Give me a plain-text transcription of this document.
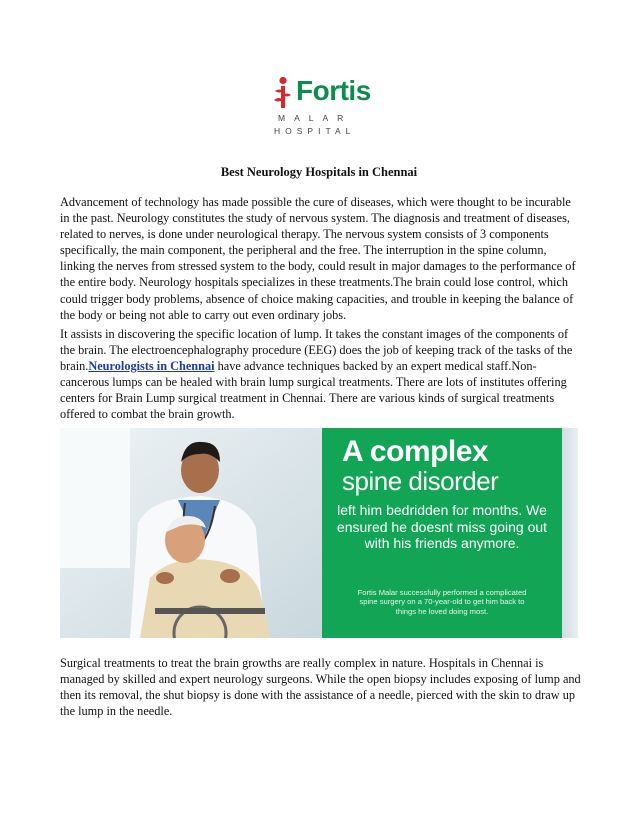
Fortis
MALAR
HOSPITAL
Best Neurology Hospitals in Chennai
Advancement of technology has made possible the cure of diseases, which were thought to be incurable in the past. Neurology constitutes the study of nervous system. The diagnosis and treatment of diseases, related to nerves, is done under neurological therapy. The nervous system consists of 3 components specifically, the main component, the peripheral and the free. The interruption in the spine column, linking the nerves from stressed system to the body, could result in major damages to the performance of the entire body. Neurology hospitals specializes in these treatments.The brain could lose control, which could trigger body problems, absence of choice making capacities, and trouble in keeping the balance of the body or being not able to carry out even ordinary jobs.
It assists in discovering the specific location of lump. It takes the constant images of the components of the brain. The electroencephalography procedure (EEG) does the job of keeping track of the tasks of the brain.Neurologists in Chennai have advance techniques backed by an expert medical staff.Non-cancerous lumps can be healed with brain lump surgical treatments. There are lots of institutes offering centers for Brain Lump surgical treatment in Chennai. There are various kinds of surgical treatments offered to combat the brain growth.
A complex
spine disorder
left him bedridden for months. We ensured he doesnt miss going out with his friends anymore.
Fortis Malar successfully performed a complicated spine surgery on a 70-year-old to get him back to things he loved doing most.
Surgical treatments to treat the brain growths are really complex in nature. Hospitals in Chennai is managed by skilled and expert neurology surgeons. While the open biopsy includes exposing of lump and then its removal, the shut biopsy is done with the assistance of a needle, pierced with the skin to draw up the lump in the needle.
